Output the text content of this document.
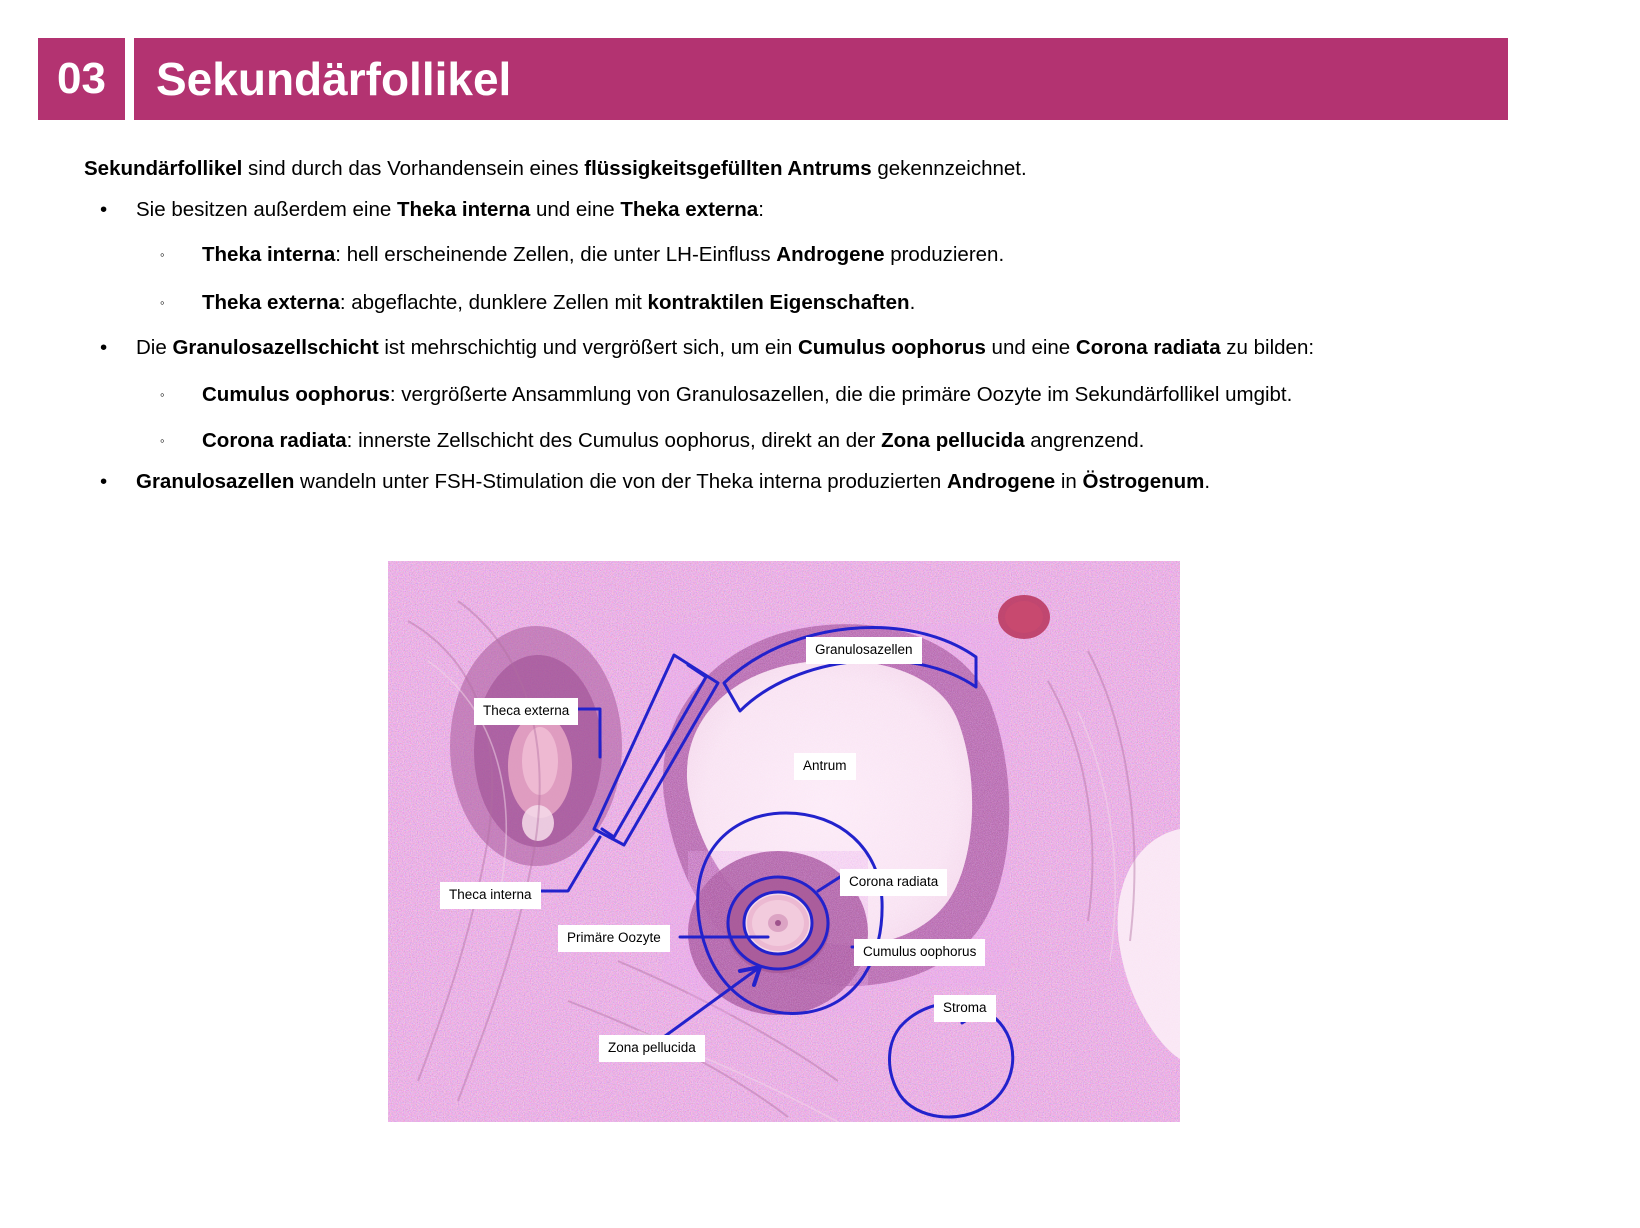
03 Sekundärfollikel
Sekundärfollikel sind durch das Vorhandensein eines flüssigkeitsgefüllten Antrums gekennzeichnet.
•	Sie besitzen außerdem eine Theka interna und eine Theka externa:
◦	Theka interna: hell erscheinende Zellen, die unter LH-Einfluss Androgene produzieren.
◦	Theka externa: abgeflachte, dunklere Zellen mit kontraktilen Eigenschaften.
•	Die Granulosazellschicht ist mehrschichtig und vergrößert sich, um ein Cumulus oophorus und eine Corona radiata zu bilden:
◦	Cumulus oophorus: vergrößerte Ansammlung von Granulosazellen, die die primäre Oozyte im Sekundärfollikel umgibt.
◦	Corona radiata: innerste Zellschicht des Cumulus oophorus, direkt an der Zona pellucida angrenzend.
•	Granulosazellen wandeln unter FSH-Stimulation die von der Theka interna produzierten Androgene in Östrogenum.
Granulosazellen
Theca externa
Antrum
Corona radiata
Theca interna
Primäre Oozyte
Cumulus oophorus
Stroma
Zona pellucida
